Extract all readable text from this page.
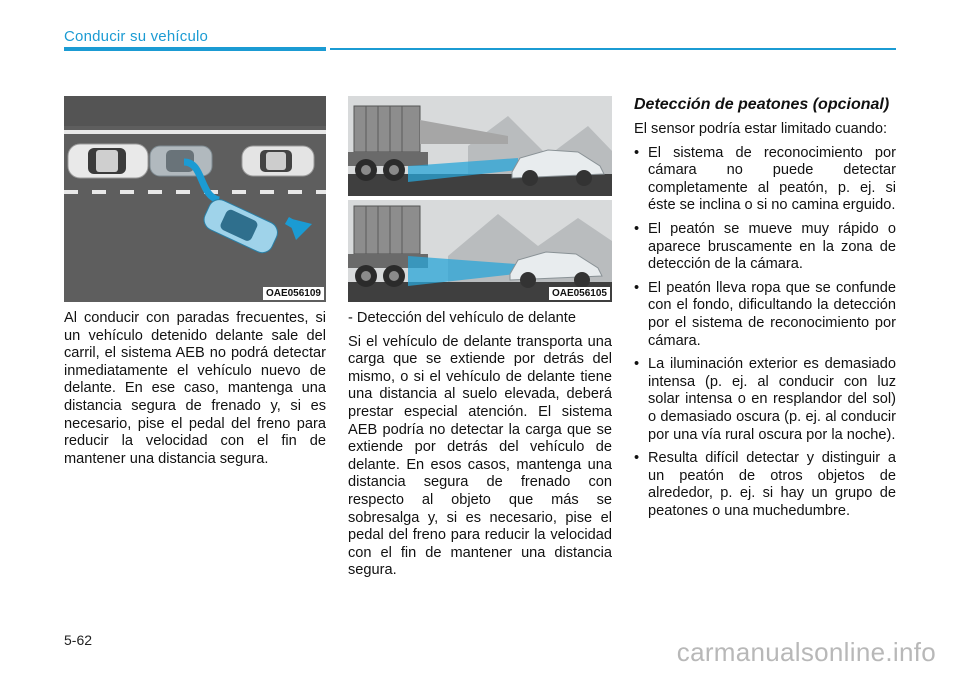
Conducir su vehículo
OAE056109	OAE056105

Al conducir con paradas frecuentes, si un vehículo detenido delante sale del carril, el sistema AEB no podrá detectar inmediatamente el vehículo nuevo de delante. En ese caso, mantenga una distancia segura de frenado y, si es necesario, pise el pedal del freno para reducir la velocidad con el fin de mantener una distancia segura.

- Detección del vehículo de delante

Si el vehículo de delante transporta una carga que se extiende por detrás del mismo, o si el vehículo de delante tiene una distancia al suelo elevada, deberá prestar especial atención. El sistema AEB podría no detectar la carga que se extiende por detrás del vehículo de delante. En esos casos, mantenga una distancia segura de frenado con respecto al objeto que más se sobresalga y, si es necesario, pise el pedal del freno para reducir la velocidad con el fin de mantener una distancia segura.

Detección de peatones (opcional)

El sensor podría estar limitado cuando:

• El sistema de reconocimiento por cámara no puede detectar completamente al peatón, p. ej. si éste se inclina o si no camina erguido.
• El peatón se mueve muy rápido o aparece bruscamente en la zona de detección de la cámara.
• El peatón lleva ropa que se confunde con el fondo, dificultando la detección por el sistema de reconocimiento por cámara.
• La iluminación exterior es demasiado intensa (p. ej. al conducir con luz solar intensa o en resplandor del sol) o demasiado oscura (p. ej. al conducir por una vía rural oscura por la noche).
• Resulta difícil detectar y distinguir a un peatón de otros objetos de alrededor, p. ej. si hay un grupo de peatones o una muchedumbre.
5-62	carmanualsonline.info
